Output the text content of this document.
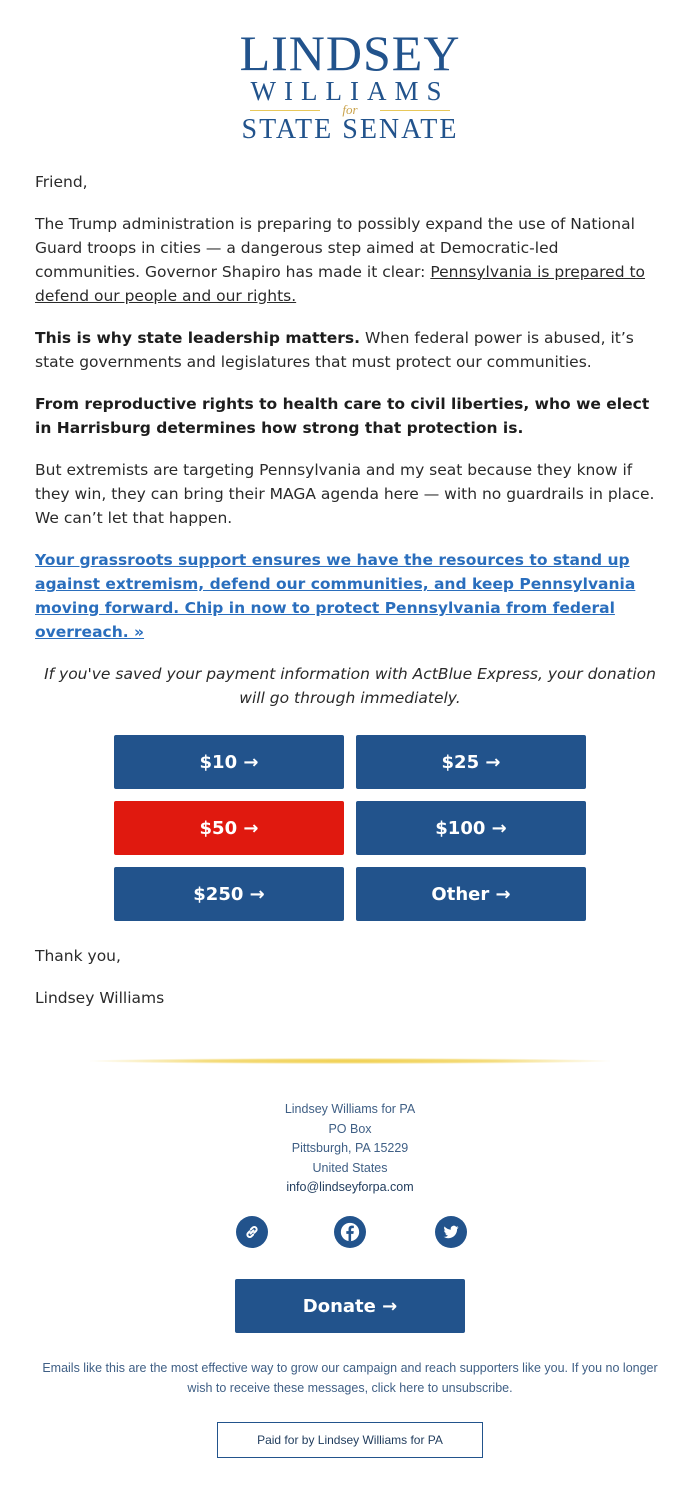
LINDSEY
WILLIAMS
for
STATE SENATE

Friend,

The Trump administration is preparing to possibly expand the use of National Guard troops in cities — a dangerous step aimed at Democratic-led communities. Governor Shapiro has made it clear: Pennsylvania is prepared to defend our people and our rights.

This is why state leadership matters. When federal power is abused, it’s state governments and legislatures that must protect our communities.

From reproductive rights to health care to civil liberties, who we elect in Harrisburg determines how strong that protection is.

But extremists are targeting Pennsylvania and my seat because they know if they win, they can bring their MAGA agenda here — with no guardrails in place. We can’t let that happen.

Your grassroots support ensures we have the resources to stand up against extremism, defend our communities, and keep Pennsylvania moving forward. Chip in now to protect Pennsylvania from federal overreach. »

If you've saved your payment information with ActBlue Express, your donation will go through immediately.

$10 →	$25 →
$50 →	$100 →
$250 →	Other →

Thank you,

Lindsey Williams

Lindsey Williams for PA
PO Box
Pittsburgh, PA 15229
United States
info@lindseyforpa.com
Donate →
Emails like this are the most effective way to grow our campaign and reach supporters like you. If you no longer wish to receive these messages, click here to unsubscribe.
Paid for by Lindsey Williams for PA
